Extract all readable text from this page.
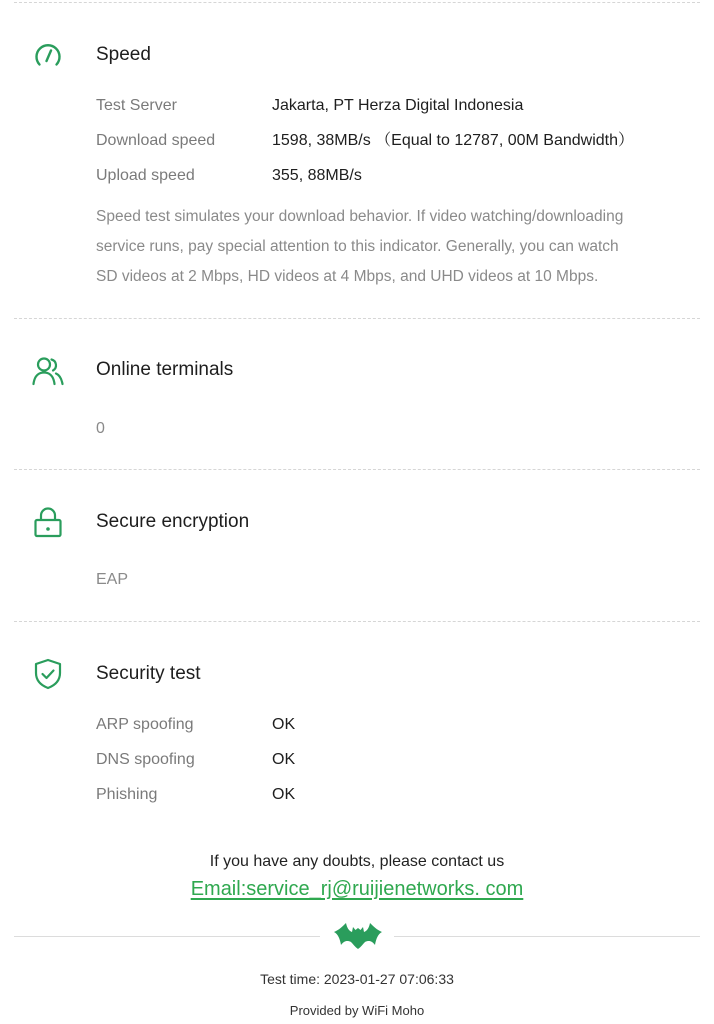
Speed
Test Server	Jakarta, PT Herza Digital Indonesia
Download speed	1598, 38MB/s （Equal to 12787, 00M Bandwidth）
Upload speed	355, 88MB/s
Speed test simulates your download behavior. If video watching/downloading
service runs, pay special attention to this indicator. Generally, you can watch
SD videos at 2 Mbps, HD videos at 4 Mbps, and UHD videos at 10 Mbps.
Online terminals
0
Secure encryption
EAP
Security test
ARP spoofing	OK
DNS spoofing	OK
Phishing	OK
If you have any doubts, please contact us
Email:service_rj@ruijienetworks. com
Test time: 2023-01-27 07:06:33
Provided by WiFi Moho
